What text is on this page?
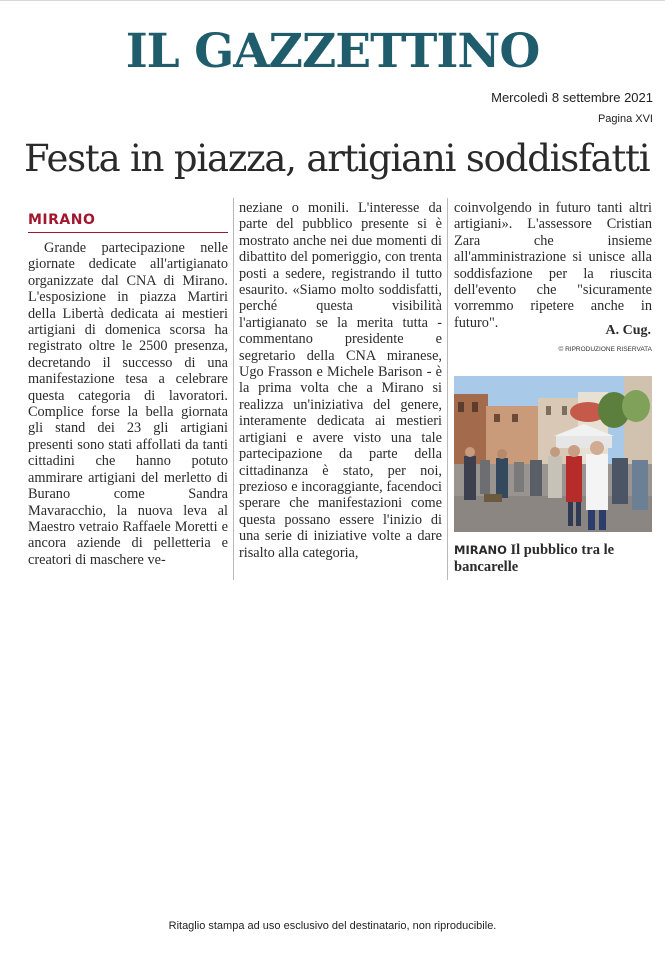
IL GAZZETTINO
Mercoledì 8 settembre 2021
Pagina XVI
Festa in piazza, artigiani soddisfatti
MIRANO

Grande partecipazione nelle giornate dedicate all'artigianato organizzate dal CNA di Mirano. L'esposizione in piazza Martiri della Libertà dedicata ai mestieri artigiani di domenica scorsa ha registrato oltre le 2500 presenza, decretando il successo di una manifestazione tesa a celebrare questa categoria di lavoratori. Complice forse la bella giornata gli stand dei 23 gli artigiani presenti sono stati affollati da tanti cittadini che hanno potuto ammirare artigiani del merletto di Burano come Sandra Mavaracchio, la nuova leva al Maestro vetraio Raffaele Moretti e ancora aziende di pelletteria e creatori di maschere ve-

neziane o monili. L'interesse da parte del pubblico presente si è mostrato anche nei due momenti di dibattito del pomeriggio, con trenta posti a sedere, registrando il tutto esaurito. «Siamo molto soddisfatti, perché questa visibilità l'artigianato se la merita tutta - commentano presidente e segretario della CNA miranese, Ugo Frasson e Michele Barison - è la prima volta che a Mirano si realizza un'iniziativa del genere, interamente dedicata ai mestieri artigiani e avere visto una tale partecipazione da parte della cittadinanza è stato, per noi, prezioso e incoraggiante, facendoci sperare che manifestazioni come questa possano essere l'inizio di una serie di iniziative volte a dare risalto alla categoria,

coinvolgendo in futuro tanti altri artigiani». L'assessore Cristian Zara che insieme all'amministrazione si unisce alla soddisfazione per la riuscita dell'evento che "sicuramente vorremmo ripetere anche in futuro".	A. Cug.
© RIPRODUZIONE RISERVATA
MIRANO Il pubblico tra le bancarelle
Ritaglio stampa ad uso esclusivo del destinatario, non riproducibile.
